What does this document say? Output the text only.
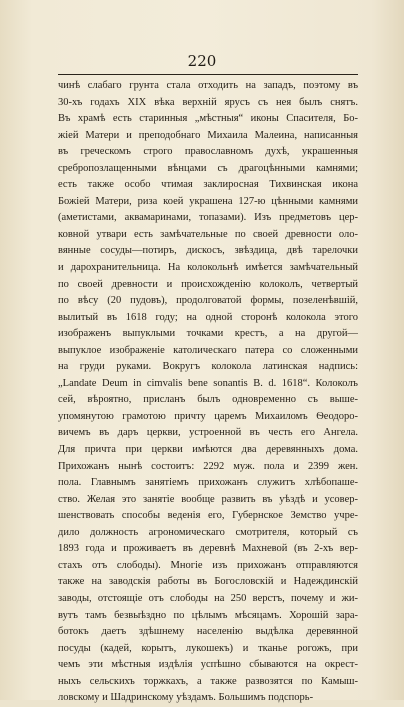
220
чинѣ слабаго грунта стала отходить на западъ, поэтому въ
30-хъ годахъ XIX вѣка верхній ярусъ съ нея былъ снятъ.
Въ храмѣ есть старинныя „мѣстныя“ иконы Спасителя, Бо-
жіей Матери и преподобнаго Михаила Малеина, написанныя
въ греческомъ строго православномъ духѣ, украшенныя
сребропозлащенными вѣнцами съ драгоцѣнными камнями;
есть также особо чтимая заклиросная Тихвинская икона
Божіей Матери, риза коей украшена 127-ю цѣнными камнями
(аметистами, аквамаринами, топазами). Изъ предметовъ цер-
ковной утвари есть замѣчательные по своей древности оло-
вянные сосуды—потиръ, дискосъ, звѣздица, двѣ тарелочки
и дарохранительница. На колокольнѣ имѣется замѣчательный
по своей древности и происхожденію колоколъ, четвертый
по вѣсу (20 пудовъ), продолговатой формы, позеленѣвшій,
вылитый въ 1618 году; на одной сторонѣ колокола этого
изображенъ выпуклыми точками крестъ, а на другой—
выпуклое изображеніе католическаго патера со сложенными
на груди руками. Вокругъ колокола латинская надпись:
„Landate Deum in cimvalis bene sonantis B. d. 1618“. Колоколъ
сей, вѣроятно, присланъ былъ одновременно съ выше-
упомянутою грамотою причту царемъ Михаиломъ Ѳеодоро-
вичемъ въ даръ церкви, устроенной въ честь его Ангела.
Для причта при церкви имѣются два деревянныхъ дома.
Прихожанъ нынѣ состоитъ: 2292 муж. пола и 2399 жен.
пола. Главнымъ занятіемъ прихожанъ служитъ хлѣбопаше-
ство. Желая это занятіе вообще развить въ уѣздѣ и усовер-
шенствовать способы веденія его, Губернское Земство учре-
дило должность агрономическаго смотрителя, который съ
1893 года и проживаетъ въ деревнѣ Махневой (въ 2-хъ вер-
стахъ отъ слободы). Многіе изъ прихожанъ отправляются
также на заводскія работы въ Богословскій и Надеждинскій
заводы, отстоящіе отъ слободы на 250 верстъ, почему и жи-
вутъ тамъ безвыѣздно по цѣлымъ мѣсяцамъ. Хорошій зара-
ботокъ даетъ здѣшнему населенію выдѣлка деревянной
посуды (кадей, корытъ, лукошекъ) и тканье рогожъ, при
чемъ эти мѣстныя издѣлія успѣшно сбываются на окрест-
ныхъ сельскихъ торжкахъ, а также развозятся по Камыш-
ловскому и Шадринскому уѣздамъ. Большимъ подспорь-
